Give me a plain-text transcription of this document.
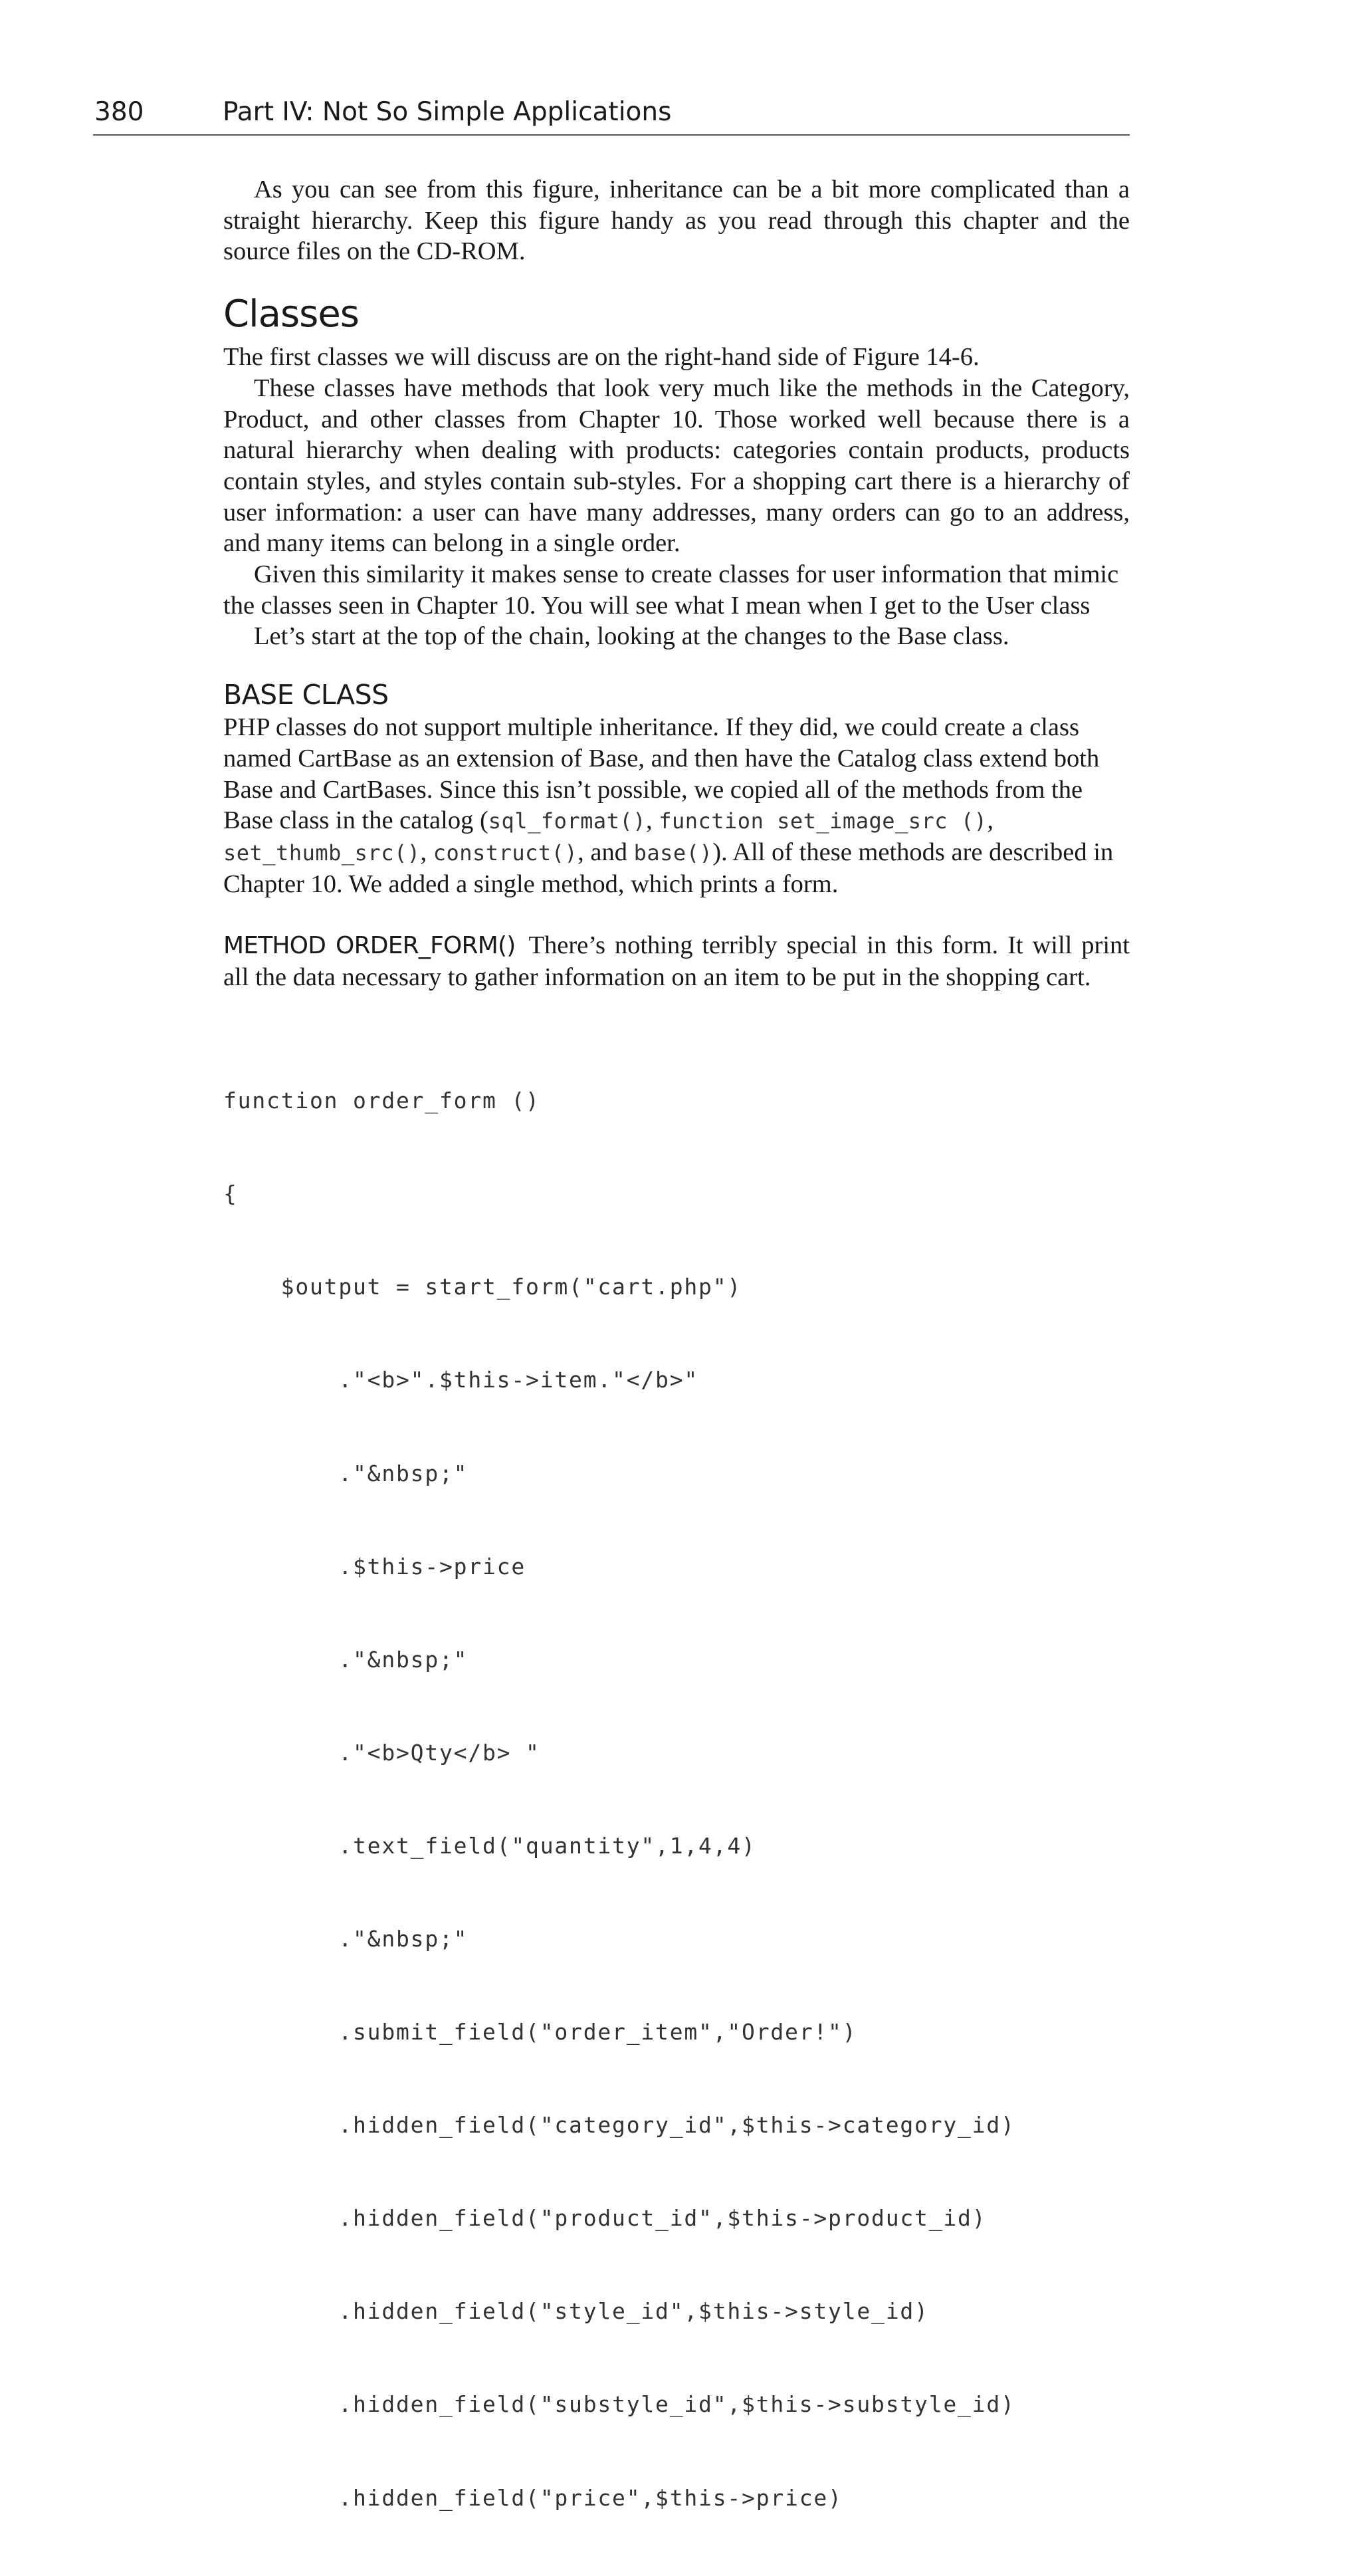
380	Part IV: Not So Simple Applications

As you can see from this figure, inheritance can be a bit more complicated than a straight hierarchy. Keep this figure handy as you read through this chapter and the source files on the CD-ROM.

Classes

The first classes we will discuss are on the right-hand side of Figure 14-6.

These classes have methods that look very much like the methods in the Category, Product, and other classes from Chapter 10. Those worked well because there is a natural hierarchy when dealing with products: categories contain products, products contain styles, and styles contain sub-styles. For a shopping cart there is a hierarchy of user information: a user can have many addresses, many orders can go to an address, and many items can belong in a single order.

Given this similarity it makes sense to create classes for user information that mimic the classes seen in Chapter 10. You will see what I mean when I get to the User class

Let’s start at the top of the chain, looking at the changes to the Base class.

BASE CLASS

PHP classes do not support multiple inheritance. If they did, we could create a class named CartBase as an extension of Base, and then have the Catalog class extend both Base and CartBases. Since this isn’t possible, we copied all of the methods from the Base class in the catalog (sql_format(), function set_image_src (), set_thumb_src(), construct(), and base()). All of these methods are described in Chapter 10. We added a single method, which prints a form.

METHOD ORDER_FORM() There’s nothing terribly special in this form. It will print all the data necessary to gather information on an item to be put in the shopping cart.

function order_form ()

{

$output = start_form("cart.php")

."<b>".$this->item."</b>"

."&nbsp;"

.$this->price

."&nbsp;"

."<b>Qty</b> "

.text_field("quantity",1,4,4)

."&nbsp;"

.submit_field("order_item","Order!")

.hidden_field("category_id",$this->category_id)

.hidden_field("product_id",$this->product_id)

.hidden_field("style_id",$this->style_id)

.hidden_field("substyle_id",$this->substyle_id)

.hidden_field("price",$this->price)
